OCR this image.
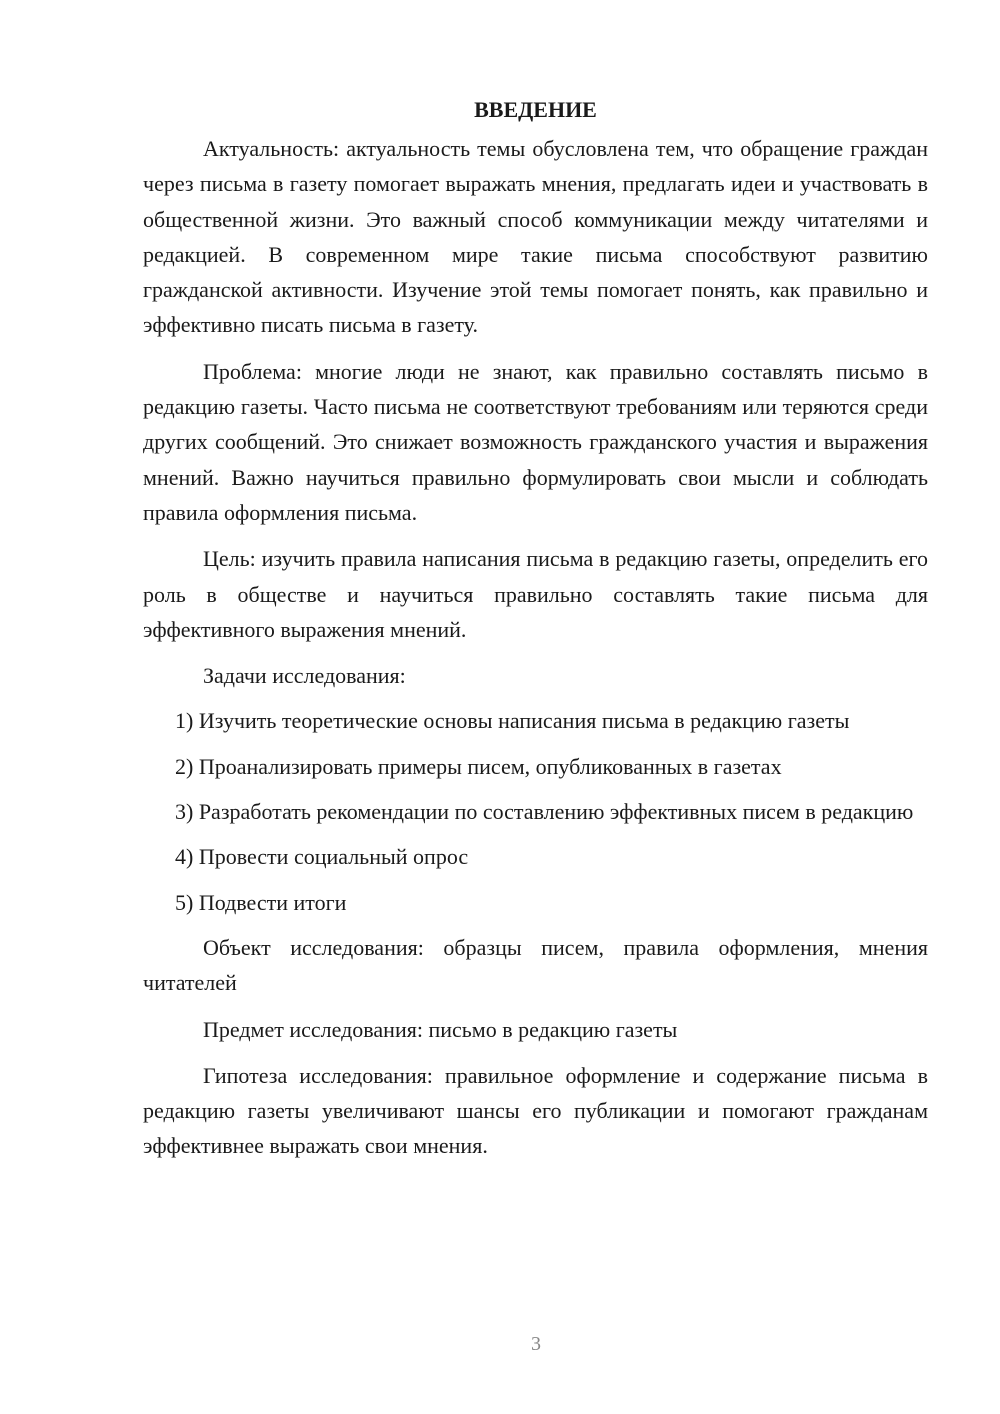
ВВЕДЕНИЕ

Актуальность: актуальность темы обусловлена тем, что обращение граждан через письма в газету помогает выражать мнения, предлагать идеи и участвовать в общественной жизни. Это важный способ коммуникации между читателями и редакцией. В современном мире такие письма способствуют развитию гражданской активности. Изучение этой темы помогает понять, как правильно и эффективно писать письма в газету.

Проблема: многие люди не знают, как правильно составлять письмо в редакцию газеты. Часто письма не соответствуют требованиям или теряются среди других сообщений. Это снижает возможность гражданского участия и выражения мнений. Важно научиться правильно формулировать свои мысли и соблюдать правила оформления письма.

Цель: изучить правила написания письма в редакцию газеты, определить его роль в обществе и научиться правильно составлять такие письма для эффективного выражения мнений.

Задачи исследования:

1) Изучить теоретические основы написания письма в редакцию газеты

2) Проанализировать примеры писем, опубликованных в газетах

3) Разработать рекомендации по составлению эффективных писем в редакцию

4) Провести социальный опрос

5) Подвести итоги

Объект исследования: образцы писем, правила оформления, мнения читателей

Предмет исследования: письмо в редакцию газеты

Гипотеза исследования: правильное оформление и содержание письма в редакцию газеты увеличивают шансы его публикации и помогают гражданам эффективнее выражать свои мнения.

3
